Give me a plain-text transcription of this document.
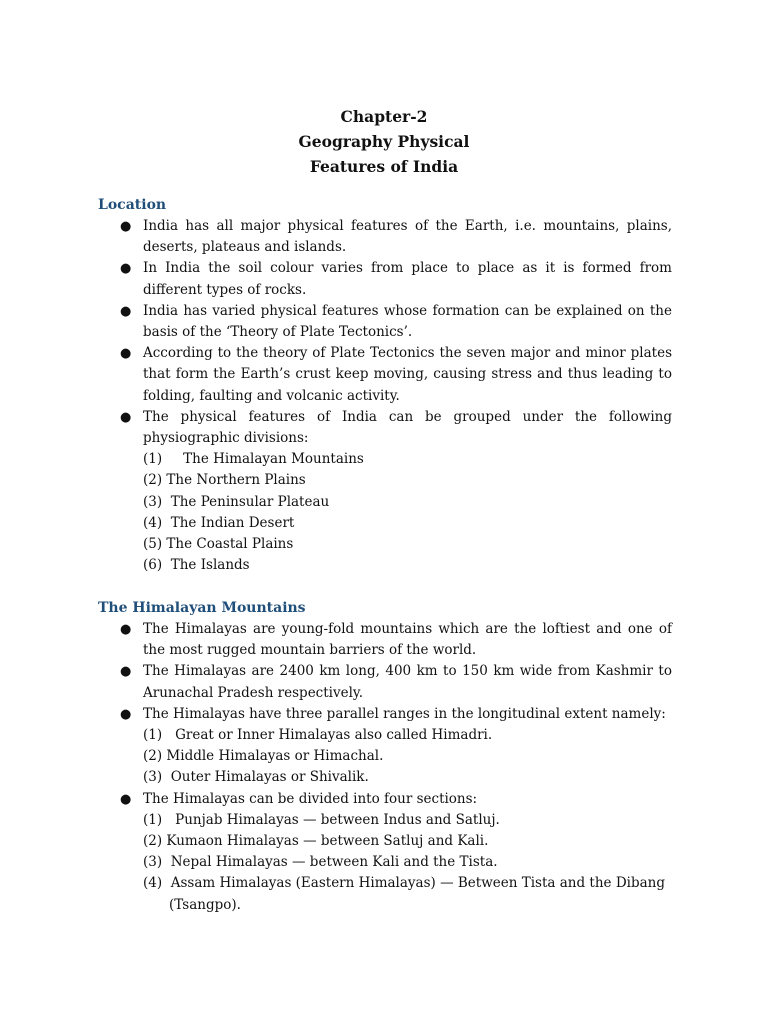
Chapter-2
Geography Physical
Features of India
Location
● India has all major physical features of the Earth, i.e. mountains, plains, deserts, plateaus and islands.
● In India the soil colour varies from place to place as it is formed from different types of rocks.
● India has varied physical features whose formation can be explained on the basis of the ‘Theory of Plate Tectonics’.
● According to the theory of Plate Tectonics the seven major and minor plates that form the Earth’s crust keep moving, causing stress and thus leading to folding, faulting and volcanic activity.
● The physical features of India can be grouped under the following physiographic divisions:
(1) The Himalayan Mountains
(2) The Northern Plains
(3) The Peninsular Plateau
(4) The Indian Desert
(5) The Coastal Plains
(6) The Islands
The Himalayan Mountains
● The Himalayas are young-fold mountains which are the loftiest and one of the most rugged mountain barriers of the world.
● The Himalayas are 2400 km long, 400 km to 150 km wide from Kashmir to Arunachal Pradesh respectively.
● The Himalayas have three parallel ranges in the longitudinal extent namely:
(1) Great or Inner Himalayas also called Himadri.
(2) Middle Himalayas or Himachal.
(3) Outer Himalayas or Shivalik.
● The Himalayas can be divided into four sections:
(1) Punjab Himalayas — between Indus and Satluj.
(2) Kumaon Himalayas — between Satluj and Kali.
(3) Nepal Himalayas — between Kali and the Tista.
(4) Assam Himalayas (Eastern Himalayas) — Between Tista and the Dibang
(Tsangpo).
